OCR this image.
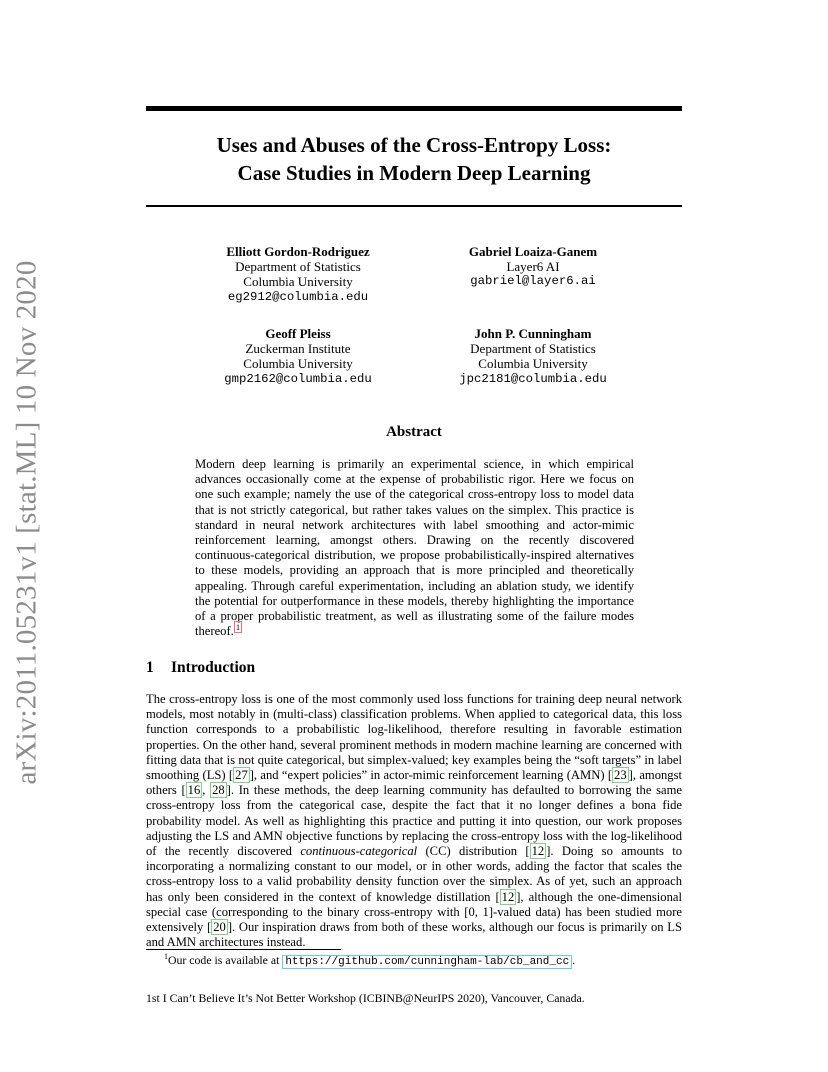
arXiv:2011.05231v1 [stat.ML] 10 Nov 2020
Uses and Abuses of the Cross-Entropy Loss:
Case Studies in Modern Deep Learning
Elliott Gordon-Rodriguez
Department of Statistics
Columbia University
eg2912@columbia.edu
Gabriel Loaiza-Ganem
Layer6 AI
gabriel@layer6.ai
Geoff Pleiss
Zuckerman Institute
Columbia University
gmp2162@columbia.edu
John P. Cunningham
Department of Statistics
Columbia University
jpc2181@columbia.edu
Abstract
Modern deep learning is primarily an experimental science, in which empirical advances occasionally come at the expense of probabilistic rigor. Here we focus on one such example; namely the use of the categorical cross-entropy loss to model data that is not strictly categorical, but rather takes values on the simplex. This practice is standard in neural network architectures with label smoothing and actor-mimic reinforcement learning, amongst others. Drawing on the recently discovered continuous-categorical distribution, we propose probabilistically-inspired alternatives to these models, providing an approach that is more principled and theoretically appealing. Through careful experimentation, including an ablation study, we identify the potential for outperformance in these models, thereby highlighting the importance of a proper probabilistic treatment, as well as illustrating some of the failure modes thereof. $^1$
1 Introduction
The cross-entropy loss is one of the most commonly used loss functions for training deep neural network models, most notably in (multi-class) classification problems. When applied to categorical data, this loss function corresponds to a probabilistic log-likelihood, therefore resulting in favorable estimation properties. On the other hand, several prominent methods in modern machine learning are concerned with fitting data that is not quite categorical, but simplex-valued; key examples being the “soft targets” in label smoothing (LS) [ 27 ], and “expert policies” in actor-mimic reinforcement learning (AMN) [ 23 ], amongst others [ 16 , 28 ]. In these methods, the deep learning community has defaulted to borrowing the same cross-entropy loss from the categorical case, despite the fact that it no longer defines a bona fide probability model. As well as highlighting this practice and putting it into question, our work proposes adjusting the LS and AMN objective functions by replacing the cross-entropy loss with the log-likelihood of the recently discovered continuous-categorical (CC) distribution [ 12 ]. Doing so amounts to incorporating a normalizing constant to our model, or in other words, adding the factor that scales the cross-entropy loss to a valid probability density function over the simplex. As of yet, such an approach has only been considered in the context of knowledge distillation [ 12 ], although the one-dimensional special case (corresponding to the binary cross-entropy with [0, 1]-valued data) has been studied more extensively [ 20 ]. Our inspiration draws from both of these works, although our focus is primarily on LS and AMN architectures instead.
$^1$Our code is available at https://github.com/cunningham-lab/cb_and_cc .
1st I Can’t Believe It’s Not Better Workshop (ICBINB@NeurIPS 2020), Vancouver, Canada.
